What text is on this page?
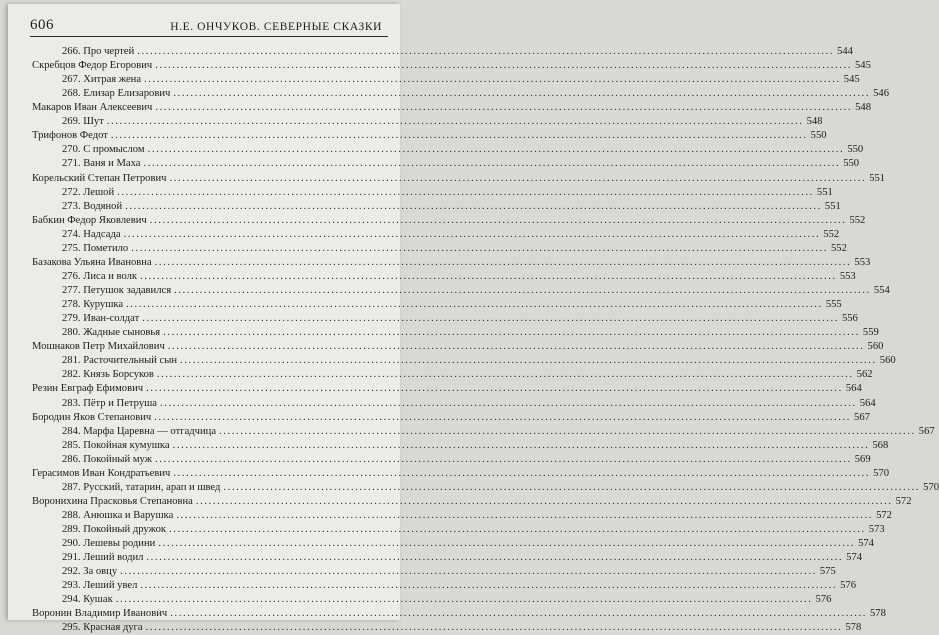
606	Н.Е. ОНЧУКОВ. СЕВЕРНЫЕ СКАЗКИ
266. Про чертей .....	544
Скребцов Федор Егорович .....	545
267. Хитрая жена .....	545
268. Елизар Елизарович .....	546
Макаров Иван Алексеевич .....	548
269. Шут .....	548
Трифонов Федот .....	550
270. С промыслом .....	550
271. Ваня и Маха .....	550
Корельский Степан Петрович .....	551
272. Лешой .....	551
273. Водяной .....	551
Бабкин Федор Яковлевич .....	552
274. Надсада .....	552
275. Пометило .....	552
Базакова Ульяна Ивановна .....	553
276. Лиса и волк .....	553
277. Петушок задавился .....	554
278. Курушка .....	555
279. Иван-солдат .....	556
280. Жадные сыновья .....	559
Мошнаков Петр Михайлович .....	560
281. Расточительный сын .....	560
282. Князь Борсуков .....	562
Резин Евграф Ефимович .....	564
283. Пётр и Петруша .....	564
Бородин Яков Степанович .....	567
284. Марфа Царевна — отгадчица .....	567
285. Покойная кумушка .....	568
286. Покойный муж .....	569
Герасимов Иван Кондратьевич .....	570
287. Русский, татарин, арап и швед .....	570
Воронихина Прасковья Степановна .....	572
288. Анюшка и Варушка .....	572
289. Покойный дружок .....	573
290. Лешевы родини .....	574
291. Леший водил .....	574
292. За овцу .....	575
293. Леший увел .....	576
294. Кушак .....	576
Воронин Владимир Иванович .....	578
295. Красная дуга .....	578
